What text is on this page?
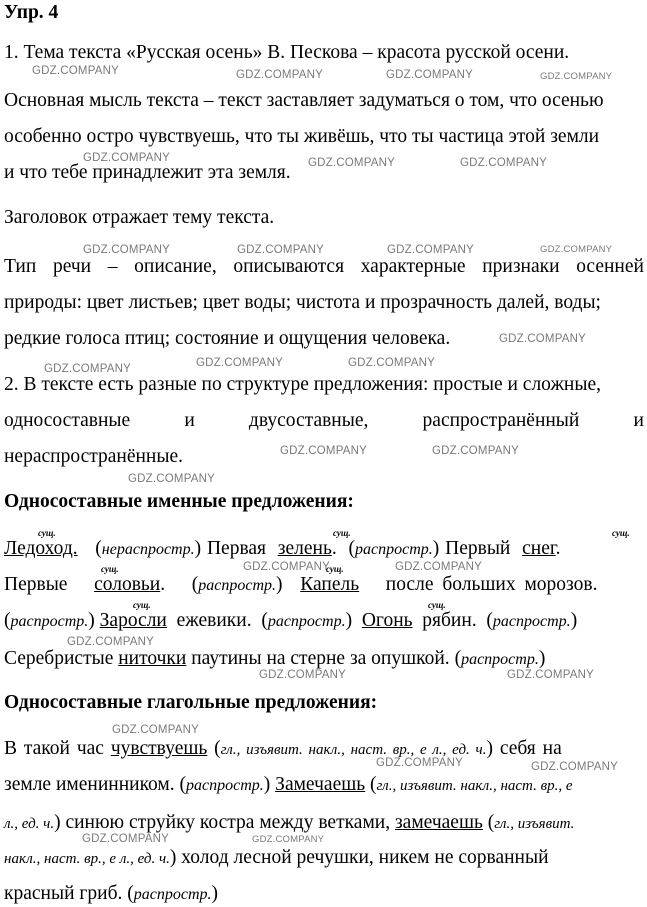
Упр. 4
1. Тема текста «Русская осень» В. Пескова – красота русской осени.
Основная мысль текста – текст заставляет задуматься о том, что осенью
особенно остро чувствуешь, что ты живёшь, что ты частица этой земли
и что тебе принадлежит эта земля.
Заголовок отражает тему текста.
Тип речи – описание, описываются характерные признаки осенней
природы: цвет листьев; цвет воды; чистота и прозрачность далей, воды;
редкие голоса птиц; состояние и ощущения человека.
2. В тексте есть разные по структуре предложения: простые и сложные,
односоставные	и	двусоставные,	распространённый	и
нераспространённые.
Односоставные именные предложения:
сущ.	сущ.	сущ.
Ледоход.   (нераспростр.) Первая зелень.  (распростр.) Первый снег.
сущ.	сущ.
Первые соловьи.   (распростр.)  Капель после больших морозов.
сущ.	сущ.
(распростр.) Заросли ежевики.  (распростр.)  Огонь рябин.  (распростр.)
Серебристые ниточки паутины на стерне за опушкой. (распростр.)
Односоставные глагольные предложения:
В такой час чувствуешь (гл., изъявит. накл., наст. вр., е л., ед. ч.) себя на
земле именинником. (распростр.) Замечаешь (гл., изъявит. накл., наст. вр., е
л., ед. ч.) синюю струйку костра между ветками, замечаешь (гл., изъявит.
накл., наст. вр., е л., ед. ч.) холод лесной речушки, никем не сорванный
красный гриб. (распростр.)
GDZ.COMPANY	GDZ.COMPANY	GDZ.COMPANY	GDZ.COMPANY
GDZ.COMPANY	GDZ.COMPANY	GDZ.COMPANY
GDZ.COMPANY	GDZ.COMPANY	GDZ.COMPANY	GDZ.COMPANY
GDZ.COMPANY
GDZ.COMPANY	GDZ.COMPANY	GDZ.COMPANY
GDZ.COMPANY	GDZ.COMPANY
GDZ.COMPANY
GDZ.COMPANY	GDZ.COMPANY
GDZ.COMPANY
GDZ.COMPANY	GDZ.COMPANY
GDZ.COMPANY
GDZ.COMPANY	GDZ.COMPANY
GDZ.COMPANY	GDZ.COMPANY
